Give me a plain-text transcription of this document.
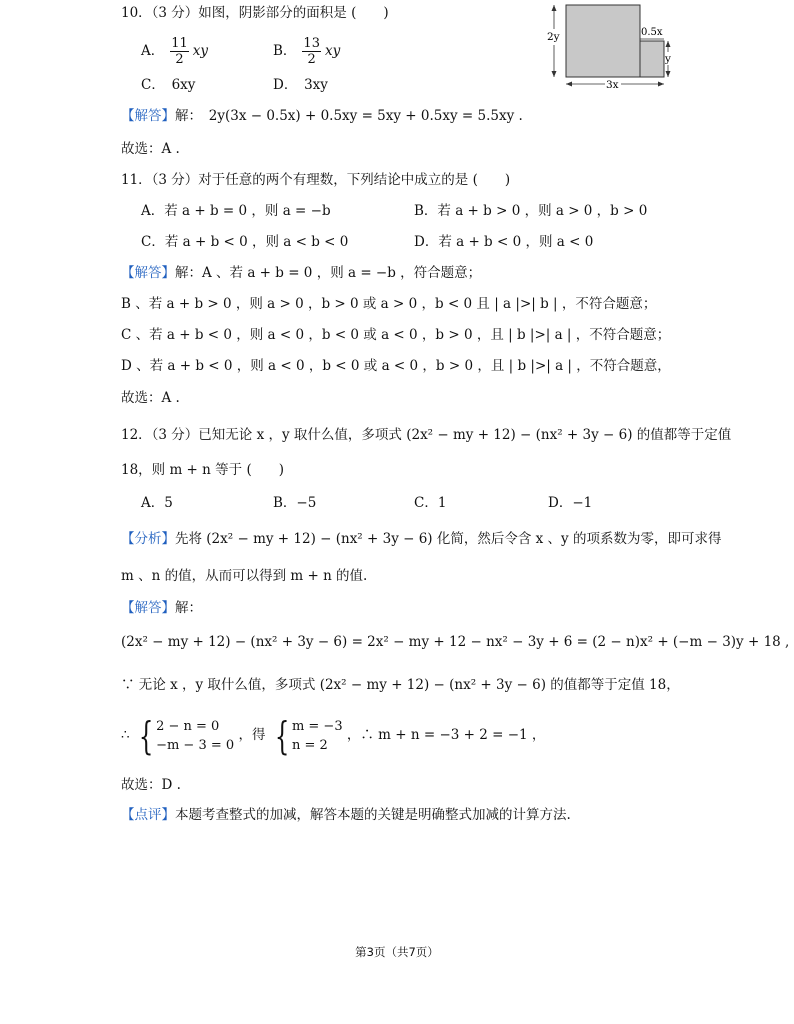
10．（3 分）如图，阴影部分的面积是 (　　)
A． $\frac{11}{2}$ xy	B． $\frac{13}{2}$ xy
C．　6xy	D．　3xy
【解答】解：　2y(3x − 0.5x) + 0.5xy = 5xy + 0.5xy = 5.5xy .
故选：A .
2y	0.5x
y
3x
11．（3 分）对于任意的两个有理数，下列结论中成立的是 (　　)
A．若 a + b = 0 ，则 a = −b	B．若 a + b > 0 ，则 a > 0 ，b > 0
C．若 a + b < 0 ，则 a < b < 0	D．若 a + b < 0 ，则 a < 0
【解答】解：A 、若 a + b = 0 ，则 a = −b ，符合题意；
B 、若 a + b > 0 ，则 a > 0 ，b > 0 或 a > 0 ，b < 0 且 | a |>| b | ，不符合题意；
C 、若 a + b < 0 ，则 a < 0 ，b < 0 或 a < 0 ，b > 0 ，且 | b |>| a | ，不符合题意；
D 、若 a + b < 0 ，则 a < 0 ，b < 0 或 a < 0 ，b > 0 ，且 | b |>| a | ，不符合题意，
故选：A .
12．（3 分）已知无论 x ，y 取什么值，多项式 (2x² − my + 12) − (nx² + 3y − 6) 的值都等于定值
18，则 m + n 等于 (　　)
A．5	B．−5	C．1	D．−1
【分析】先将 (2x² − my + 12) − (nx² + 3y − 6) 化简，然后令含 x 、y 的项系数为零，即可求得
m 、n 的值，从而可以得到 m + n 的值.
【解答】解：
(2x² − my + 12) − (nx² + 3y − 6) = 2x² − my + 12 − nx² − 3y + 6 = (2 − n)x² + (−m − 3)y + 18 ,
∵ 无论 x ，y 取什么值，多项式 (2x² − my + 12) − (nx² + 3y − 6) 的值都等于定值 18，
∴ { 2 − n = 0
−m − 3 = 0
，得 { m = −3
n = 2
，∴ m + n = −3 + 2 = −1 ，
故选：D .
【点评】本题考查整式的加减，解答本题的关键是明确整式加减的计算方法.
第3页（共7页）
